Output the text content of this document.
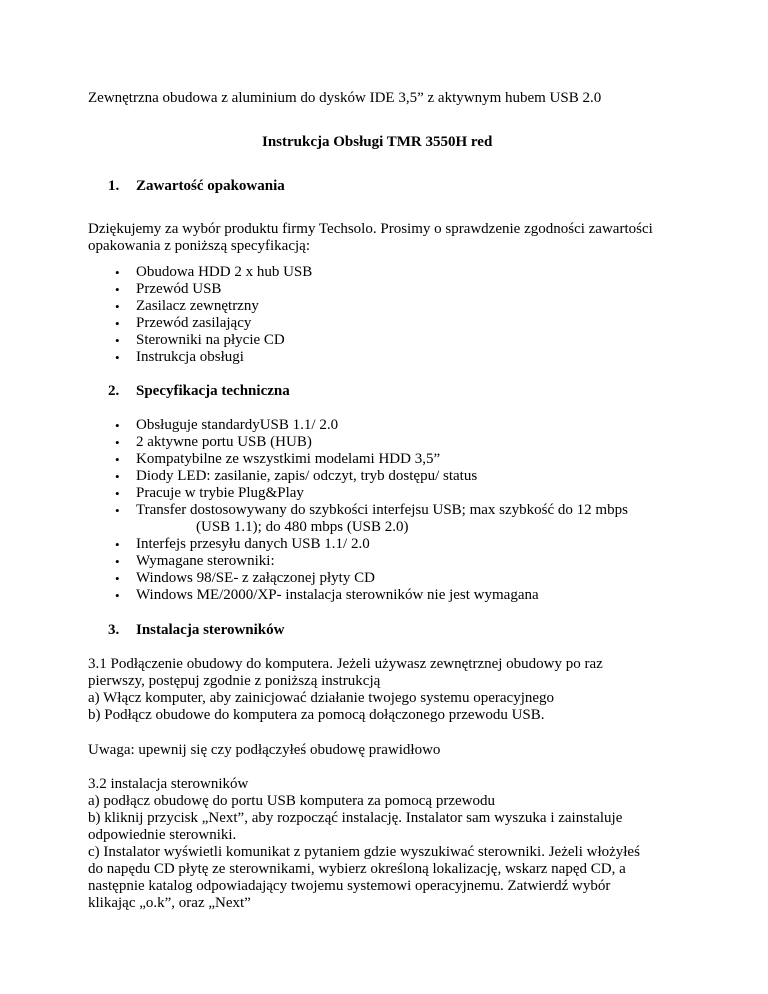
Zewnętrzna obudowa z aluminium do dysków IDE 3,5” z aktywnym hubem USB 2.0
Instrukcja Obsługi TMR 3550H red
1. Zawartość opakowania
Dziękujemy za wybór produktu firmy Techsolo. Prosimy o sprawdzenie zgodności zawartości
opakowania z poniższą specyfikacją:
• Obudowa HDD 2 x hub USB
• Przewód USB
• Zasilacz zewnętrzny
• Przewód zasilający
• Sterowniki na płycie CD
• Instrukcja obsługi
2. Specyfikacja techniczna
• Obsługuje standardyUSB 1.1/ 2.0
• 2 aktywne portu USB (HUB)
• Kompatybilne ze wszystkimi modelami HDD 3,5”
• Diody LED: zasilanie, zapis/ odczyt, tryb dostępu/ status
• Pracuje w trybie Plug&Play
• Transfer dostosowywany do szybkości interfejsu USB; max szybkość do 12 mbps
(USB 1.1); do 480 mbps (USB 2.0)
• Interfejs przesyłu danych USB 1.1/ 2.0
• Wymagane sterowniki:
• Windows 98/SE- z załączonej płyty CD
• Windows ME/2000/XP- instalacja sterowników nie jest wymagana
3. Instalacja sterowników
3.1 Podłączenie obudowy do komputera. Jeżeli używasz zewnętrznej obudowy po raz
pierwszy, postępuj zgodnie z poniższą instrukcją
a) Włącz komputer, aby zainicjować działanie twojego systemu operacyjnego
b) Podłącz obudowe do komputera za pomocą dołączonego przewodu USB.
Uwaga: upewnij się czy podłączyłeś obudowę prawidłowo
3.2 instalacja sterowników
a) podłącz obudowę do portu USB komputera za pomocą przewodu
b) kliknij przycisk „Next”, aby rozpocząć instalację. Instalator sam wyszuka i zainstaluje
odpowiednie sterowniki.
c) Instalator wyświetli komunikat z pytaniem gdzie wyszukiwać sterowniki. Jeżeli włożyłeś
do napędu CD płytę ze sterownikami, wybierz określoną lokalizację, wskarz napęd CD, a
następnie katalog odpowiadający twojemu systemowi operacyjnemu. Zatwierdź wybór
klikając „o.k”, oraz „Next”
